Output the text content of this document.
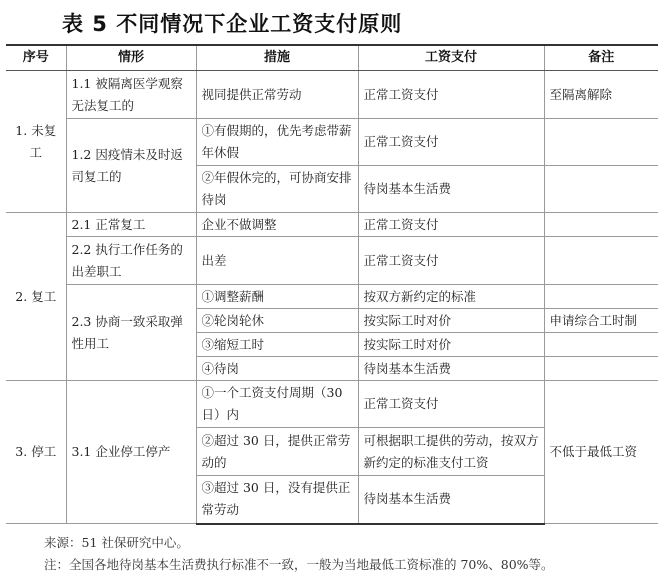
表 5 不同情况下企业工资支付原则
序号	情形	措施	工资支付	备注
1. 未复工	1.1 被隔离医学观察无法复工的	视同提供正常劳动	正常工资支付	至隔离解除
	1.2 因疫情未及时返司复工的	①有假期的，优先考虑带薪年休假	正常工资支付	
		②年假休完的，可协商安排待岗	待岗基本生活费	
2. 复工	2.1 正常复工	企业不做调整	正常工资支付	
	2.2 执行工作任务的出差职工	出差	正常工资支付	
	2.3 协商一致采取弹性用工	①调整薪酬	按双方新约定的标准	
		②轮岗轮休	按实际工时对价	申请综合工时制
		③缩短工时	按实际工时对价	
		④待岗	待岗基本生活费	
3. 停工	3.1 企业停工停产	①一个工资支付周期（30日）内	正常工资支付	不低于最低工资
		②超过 30 日，提供正常劳动的	可根据职工提供的劳动，按双方新约定的标准支付工资	
		③超过 30 日，没有提供正常劳动	待岗基本生活费	
来源：51 社保研究中心。
注：全国各地待岗基本生活费执行标准不一致，一般为当地最低工资标准的 70%、80%等。
